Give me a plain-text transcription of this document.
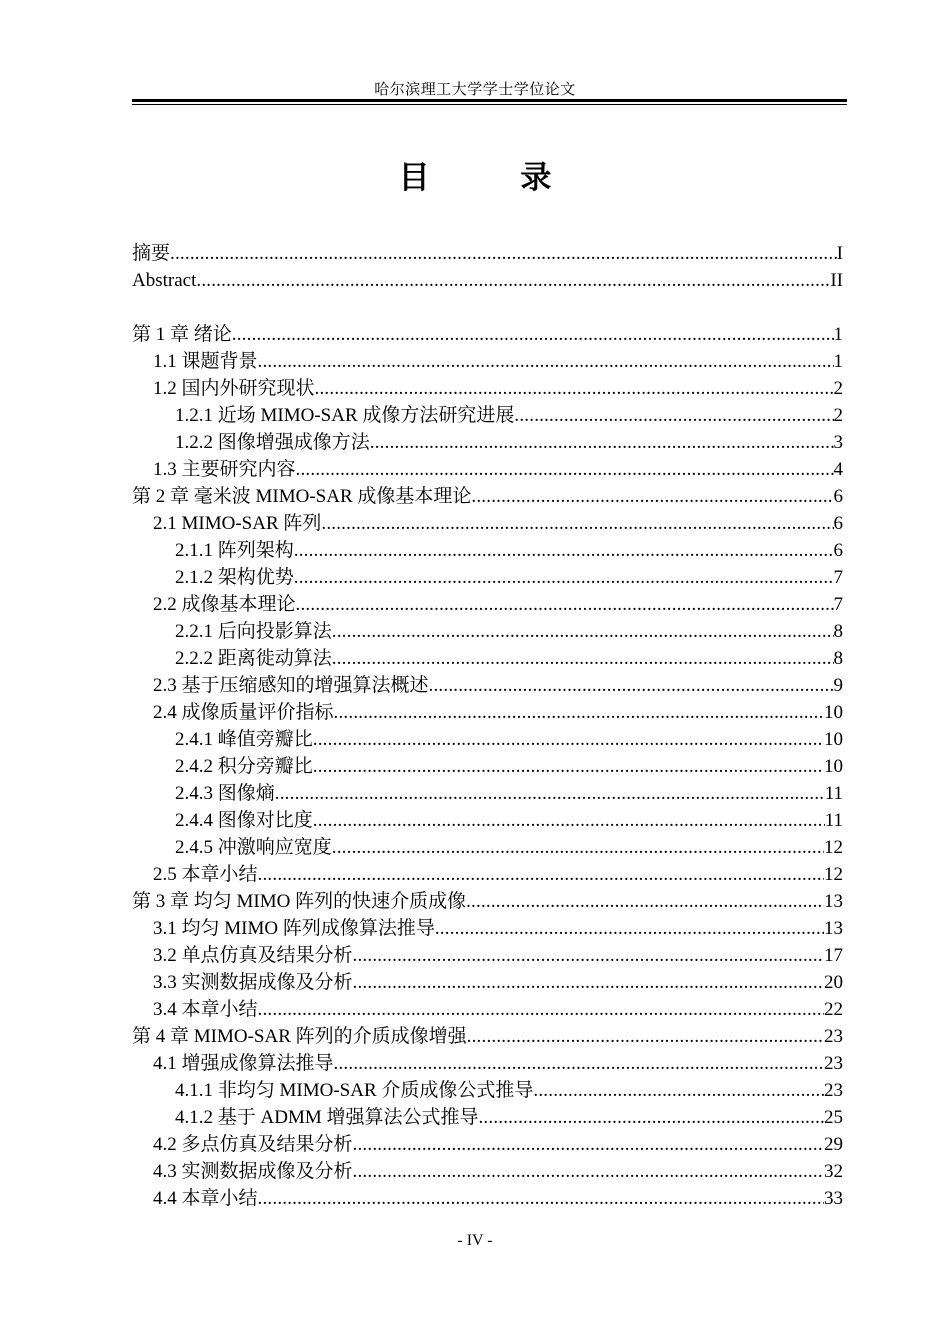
哈尔滨理工大学学士学位论文
目 录
摘要 .....	I
Abstract .....	II
第 1 章 绪论 .....	1
1.1 课题背景 .....	1
1.2 国内外研究现状 .....	2
1.2.1 近场 MIMO-SAR 成像方法研究进展 .....	2
1.2.2 图像增强成像方法 .....	3
1.3 主要研究内容 .....	4
第 2 章 毫米波 MIMO-SAR 成像基本理论 .....	6
2.1 MIMO-SAR 阵列 .....	6
2.1.1 阵列架构 .....	6
2.1.2 架构优势 .....	7
2.2 成像基本理论 .....	7
2.2.1 后向投影算法 .....	8
2.2.2 距离徙动算法 .....	8
2.3 基于压缩感知的增强算法概述 .....	9
2.4 成像质量评价指标 .....	10
2.4.1 峰值旁瓣比 .....	10
2.4.2 积分旁瓣比 .....	10
2.4.3 图像熵 .....	11
2.4.4 图像对比度 .....	11
2.4.5 冲激响应宽度 .....	12
2.5 本章小结 .....	12
第 3 章 均匀 MIMO 阵列的快速介质成像 .....	13
3.1 均匀 MIMO 阵列成像算法推导 .....	13
3.2 单点仿真及结果分析 .....	17
3.3 实测数据成像及分析 .....	20
3.4 本章小结 .....	22
第 4 章 MIMO-SAR 阵列的介质成像增强 .....	23
4.1 增强成像算法推导 .....	23
4.1.1 非均匀 MIMO-SAR 介质成像公式推导 .....	23
4.1.2 基于 ADMM 增强算法公式推导 .....	25
4.2 多点仿真及结果分析 .....	29
4.3 实测数据成像及分析 .....	32
4.4 本章小结 .....	33
- IV -
